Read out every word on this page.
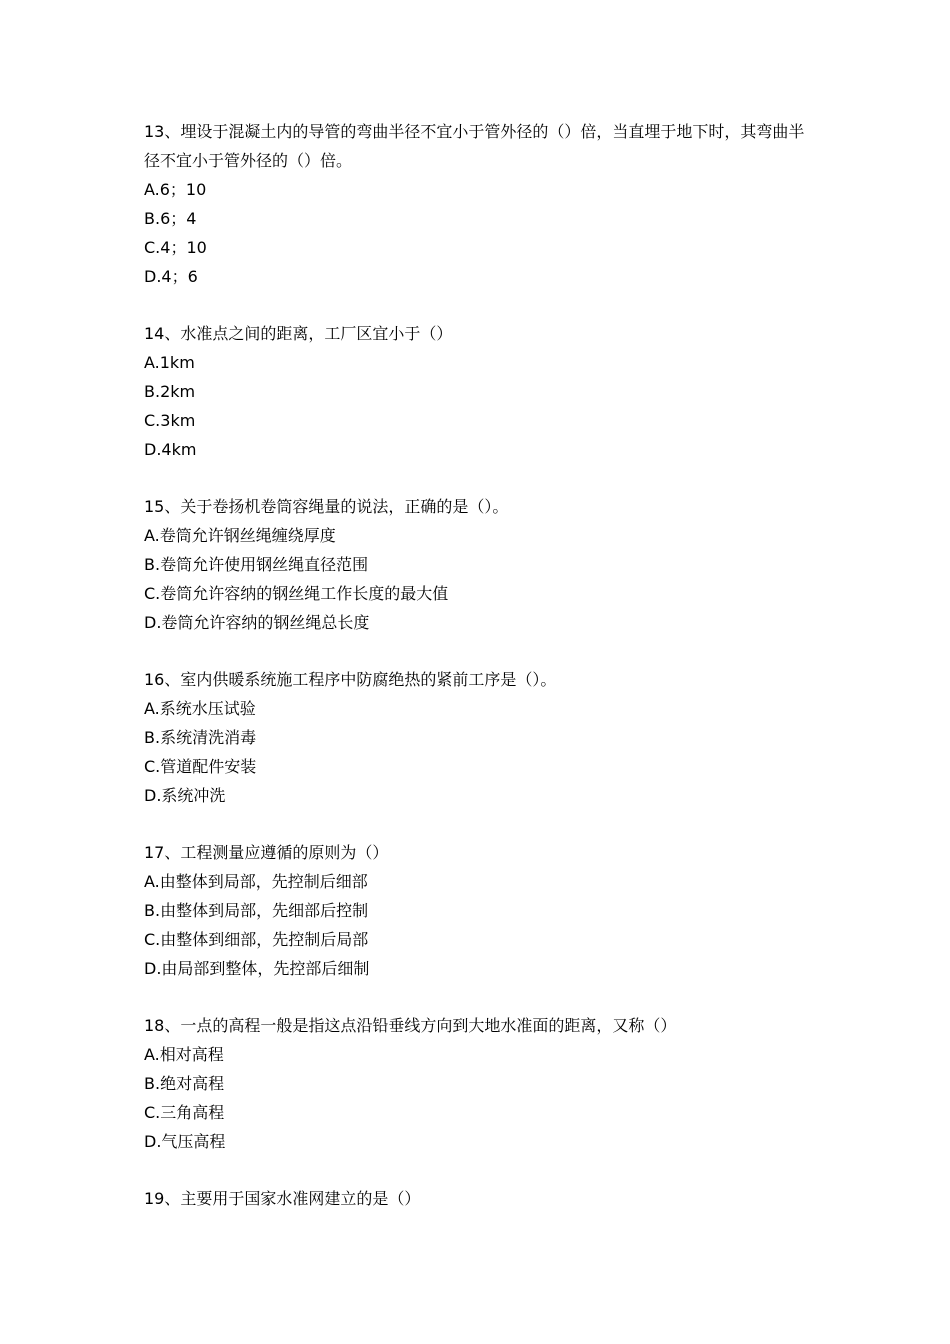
13、埋设于混凝土内的导管的弯曲半径不宜小于管外径的（）倍，当直埋于地下时，其弯曲半径不宜小于管外径的（）倍。

A.6；10

B.6；4

C.4；10

D.4；6

14、水准点之间的距离，工厂区宜小于（）

A.1km

B.2km

C.3km

D.4km

15、关于卷扬机卷筒容绳量的说法，正确的是（）。

A.卷筒允许钢丝绳缠绕厚度

B.卷筒允许使用钢丝绳直径范围

C.卷筒允许容纳的钢丝绳工作长度的最大值

D.卷筒允许容纳的钢丝绳总长度

16、室内供暖系统施工程序中防腐绝热的紧前工序是（）。

A.系统水压试验

B.系统清洗消毒

C.管道配件安装

D.系统冲洗

17、工程测量应遵循的原则为（）

A.由整体到局部，先控制后细部

B.由整体到局部，先细部后控制

C.由整体到细部，先控制后局部

D.由局部到整体，先控部后细制

18、一点的高程一般是指这点沿铅垂线方向到大地水准面的距离，又称（）

A.相对高程

B.绝对高程

C.三角高程

D.气压高程

19、主要用于国家水准网建立的是（）
